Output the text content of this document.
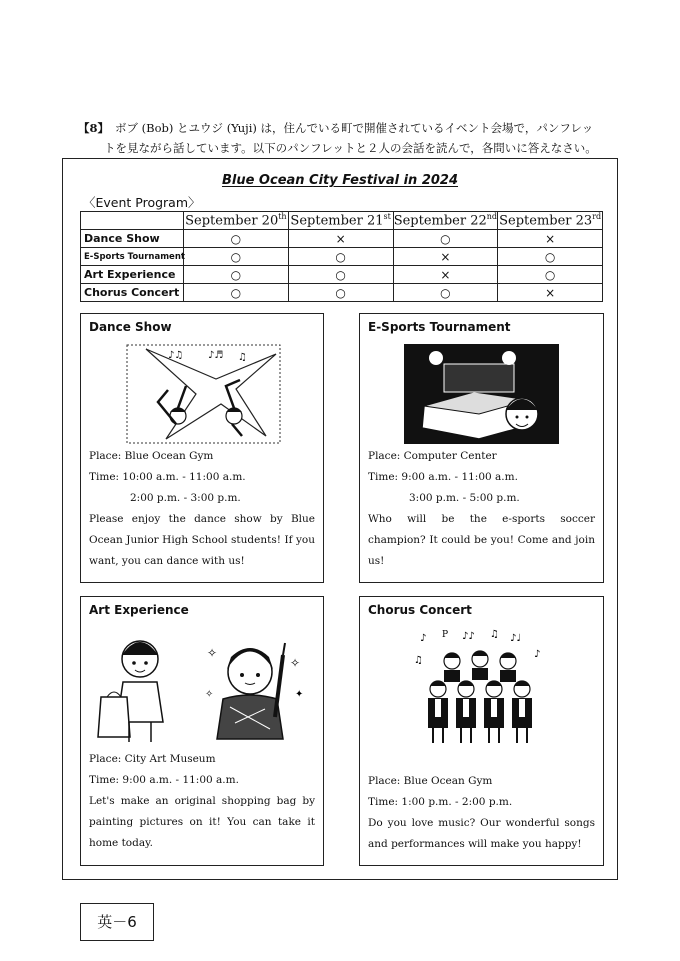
【8】 ボブ (Bob) とユウジ (Yuji) は，住んでいる町で開催されているイベント会場で，パンフレッ
トを見ながら話しています。以下のパンフレットと２人の会話を読んで，各問いに答えなさい。
Blue Ocean City Festival in 2024
〈Event Program〉
	September 20th	September 21st	September 22nd	September 23rd
Dance Show	○	×	○	×
E-Sports Tournament	○	○	×	○
Art Experience	○	○	×	○
Chorus Concert	○	○	○	×
Dance Show
♪♫ ♪♬ ♫
Place: Blue Ocean Gym
Time: 10:00 a.m. - 11:00 a.m.
2:00 p.m. - 3:00 p.m.

Please enjoy the dance show by Blue Ocean Junior High School students! If you want, you can dance with us!

E-Sports Tournament
Place: Computer Center
Time: 9:00 a.m. - 11:00 a.m.
3:00 p.m. - 5:00 p.m.

Who will be the e-sports soccer champion? It could be you! Come and join us!

Art Experience
✧
✧
✦
✧
Place: City Art Museum
Time: 9:00 a.m. - 11:00 a.m.

Let's make an original shopping bag by painting pictures on it! You can take it home today.

Chorus Concert
♪ P ♪♪ ♫ ♪♩
♪
♫
Place: Blue Ocean Gym
Time: 1:00 p.m. - 2:00 p.m.

Do you love music? Our wonderful songs and performances will make you happy!

英－6
